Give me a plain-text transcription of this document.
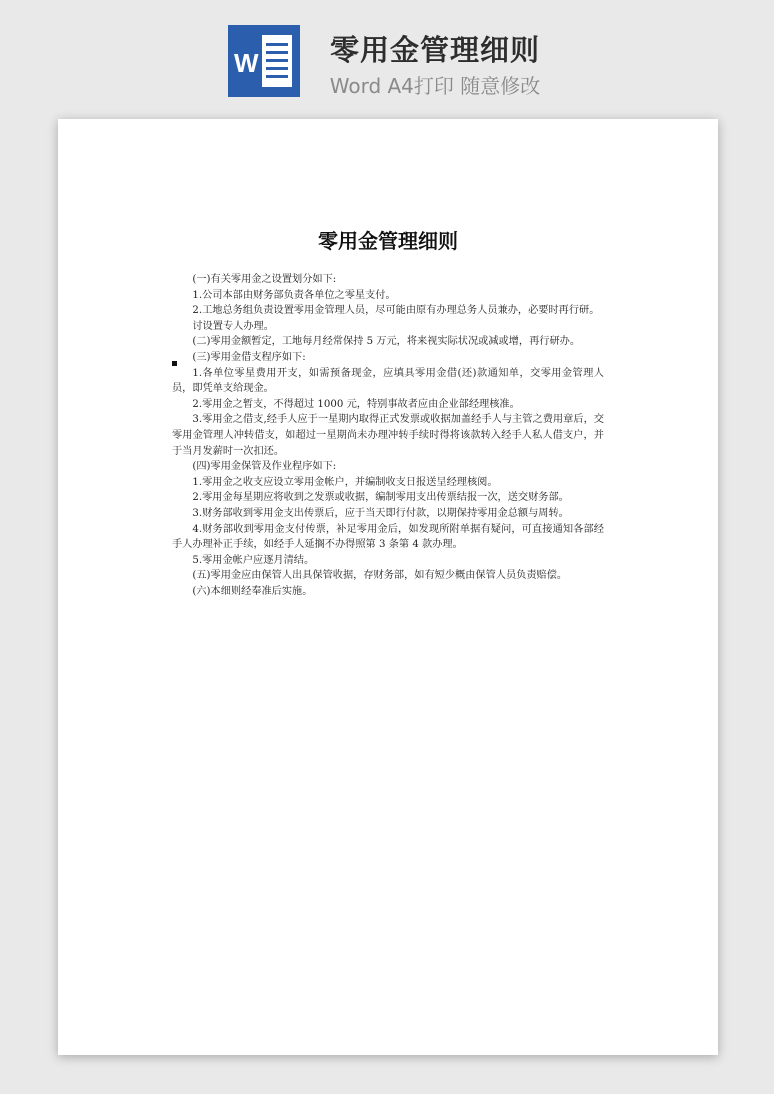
W	零用金管理细则
Word A4打印 随意修改
零用金管理细则

(一)有关零用金之设置划分如下:

1.公司本部由财务部负责各单位之零星支付。

2.工地总务组负责设置零用金管理人员，尽可能由原有办理总务人员兼办，必要时再行研。

讨设置专人办理。

(二)零用金额暂定，工地每月经常保持 5 万元，将来视实际状况或减或增，再行研办。

(三)零用金借支程序如下:

1.各单位零星费用开支，如需预备现金，应填具零用金借(还)款通知单，交零用金管理人员，即凭单支给现金。

2.零用金之暂支，不得超过 1000 元，特别事故者应由企业部经理核准。

3.零用金之借支,经手人应于一星期内取得正式发票或收据加盖经手人与主管之费用章后，交零用金管理人冲转借支，如超过一星期尚未办理冲转手续时得将该款转入经手人私人借支户，并于当月发薪时一次扣还。

(四)零用金保管及作业程序如下:

1.零用金之收支应设立零用金帐户，并编制收支日报送呈经理核阅。

2.零用金每星期应将收到之发票或收据，编制零用支出传票结报一次，送交财务部。

3.财务部收到零用金支出传票后，应于当天即行付款，以期保持零用金总额与周转。

4.财务部收到零用金支付传票，补足零用金后，如发现所附单据有疑问，可直接通知各部经手人办理补正手续，如经手人延搁不办得照第 3 条第 4 款办理。

5.零用金帐户应逐月清结。

(五)零用金应由保管人出具保管收据，存财务部，如有短少概由保管人员负责赔偿。

(六)本细则经奉准后实施。
